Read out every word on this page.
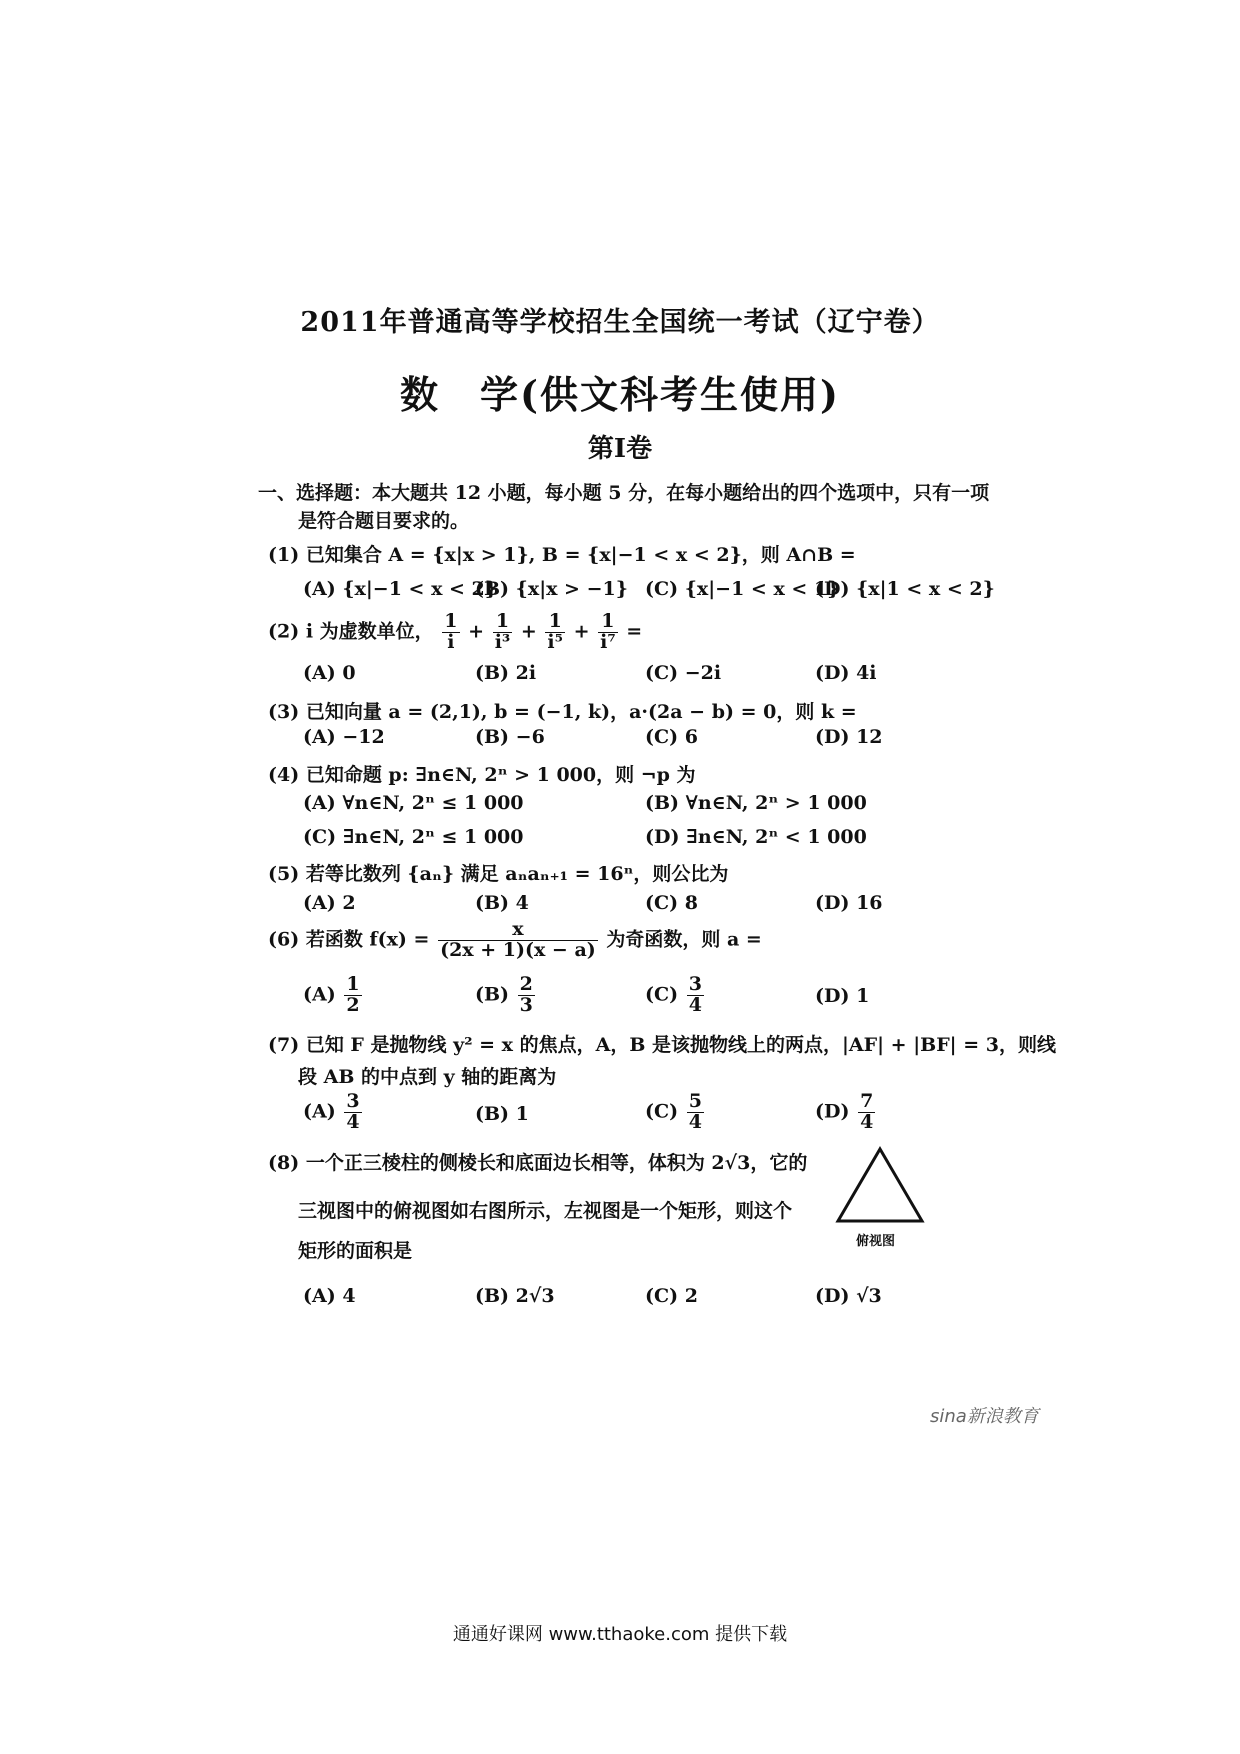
2011年普通高等学校招生全国统一考试（辽宁卷）
数　学(供文科考生使用)
第Ⅰ卷
一、选择题：本大题共 12 小题，每小题 5 分，在每小题给出的四个选项中，只有一项
是符合题目要求的。
(1) 已知集合 A = {x|x > 1}, B = {x|−1 < x < 2}，则 A∩B =
(A) {x|−1 < x < 2}
(B) {x|x > −1} (C) {x|−1 < x < 1}
(D) {x|1 < x < 2}
(2) i 为虚数单位， $\frac{1}{i} + \frac{1}{\text{i³}} + \frac{1}{\text{i⁵}} + \frac{1}{\text{i⁷}}$ =
(A) 0	(B) 2i	(C) −2i	(D) 4i
(3) 已知向量 a = (2,1), b = (−1, k)，a·(2a − b) = 0，则 k =
(A) −12	(B) −6	(C) 6	(D) 12
(4) 已知命题 p: ∃n∈N, 2ⁿ > 1 000，则 ¬p 为
(A) ∀n∈N, 2ⁿ ≤ 1 000	(B) ∀n∈N, 2ⁿ > 1 000
(C) ∃n∈N, 2ⁿ ≤ 1 000	(D) ∃n∈N, 2ⁿ < 1 000
(5) 若等比数列 {aₙ} 满足 aₙaₙ₊₁ = 16ⁿ，则公比为
(A) 2	(B) 4	(C) 8	(D) 16
(6) 若函数 $f(x) = \frac{x}{(2x + 1)(x - a)}$ 为奇函数，则 a =
$(A) \frac{1}{2}$	$(B) \frac{2}{3}$	$(C) \frac{3}{4}$	(D) 1
(7) 已知 F 是抛物线 y² = x 的焦点，A，B 是该抛物线上的两点，|AF| + |BF| = 3，则线
段 AB 的中点到 y 轴的距离为
$(A) \frac{3}{4}$	(B) 1	$(C) \frac{5}{4}$	$(D) \frac{7}{4}$
(8) 一个正三棱柱的侧棱长和底面边长相等，体积为 2√3，它的
三视图中的俯视图如右图所示，左视图是一个矩形，则这个
矩形的面积是	俯视图
(A) 4	(B) 2√3	(C) 2	(D) √3
sina新浪教育
通通好课网 www.tthaoke.com 提供下载
